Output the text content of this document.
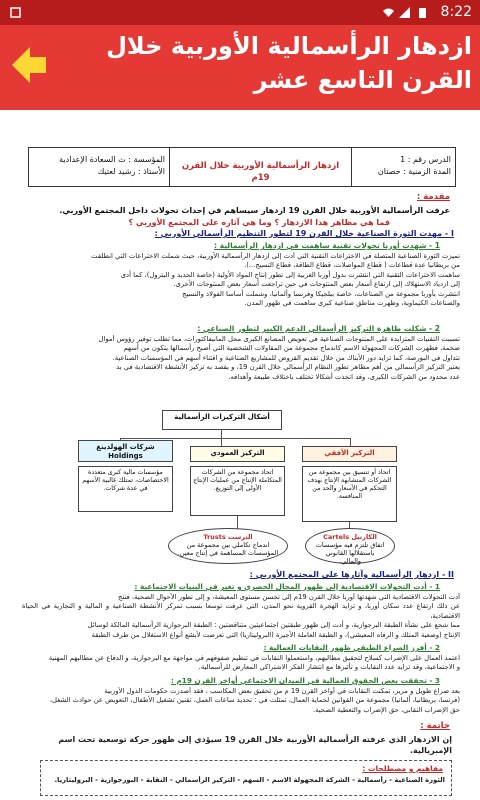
8:22
ازدهار الرأسمالية الأوربية خلال القرن التاسع عشر
الدرس رقم : 1
المدة الزمنية : حصتان
ازدهار الرأسمالية الأوربية خلال القرن 19م
المؤسسة : ث السعادة الإعدادية
الأستاذ : رشيد لعتيك
مقدمة :
عرفت الرأسمالية الأوربية خلال القرن 19 ازدهار سيساهم في إحداث تحولات داخل المجتمع الأوربي.
فما هي مظاهر هذا الازدهار ؟ وما هي آثاره على المجتمع الأوربي ؟
I - مهدت الثورة الصناعية خلال القرن 19 لتطور التنظيم الرأسمالي الأوربي :
1 - شهدت أوربا تحولات تقنية ساهمت في ازدهار الرأسمالية :
تميزت الثورة الصناعية المتصلة في الاختراعات التقنية التي أدت إلى ازدهار الرأسمالية الأوربية، حيث شملت الاختراعات التي انطلقت
من بريطانيا عدة قطاعات ( قطاع المواصلات، قطاع الطاقة، قطاع التسيج...).
ساهمت الاختراعات التقنية التي انتشرت بدول أوربا الغربية إلى تطور إنتاج المواد الأولية (خاصة الحديد و البترول)، كما أدى
إلى ازدياد الاستهلاك إلى ارتفاع أسعار بعض المنتوجات في حين تراجعت أسعار بعض المنتوجات الأخرى.
انتشرت بأوربا مجموعة من الصناعات، خاصة ببلجيكا وفرنسا وألمانيا، وشملت أساسا الفولاذ والنسيج
والصناعات الكيماوية، وظهرت مناطق صناعية كبرى ساهمت في ظهور المدن.
2 - شكلت ظاهرة التركيز الرأسمالي الدعم الكبير لتطور الصناعي :
تسببت التقنيات المتزايدة على المنتوجات الصناعية في تعويض المصانع الكبرى محل المانيفاكتورات، مما تطلب توفير رؤوس أموال
ضخمة، فظهرت الشركات المجهولة الاسم كاندماج مجموعة من المقاولات الشخصية التي أصبح رأسمالها يتكون من أسهم
تتداول في البورصة، كما تزايد دور الأبناك من خلال تقديم القروض للمشاريع الصناعية و اقتناء أسهم في المؤسسات الصناعية.
يعتبر التركيز الرأسمالي من أهم مظاهر تطور النظام الرأسمالي خلال القرن 19، و يقصد به تركيز الأنشطة الاقتصادية في يد
عدد محدود من الشركات الكبرى، وقد اتخذت أشكالا تختلف باختلاف طبيعة وأهدافه.
أشكال التركيزات الرأسمالية
التركيز الأفقي
اتحاد أو تنسيق بين مجموعة من الشركات المتشابهة الإنتاج بهدف التحكم في الأسعار والحد من المنافسة.
التركيز العمودي
اتحاد مجموعة من الشركات المتكاملة الإنتاج من عمليات الإنتاج الأولى إلى التوزيع.
شركات الهولدينغ Holdings
مؤسسات مالية كبرى متعددة الاختصاصات، تمتلك غالبية الأسهم في عدة شركات.
الكارتيل Cartels
اتفاق تلتزم فيه مؤسسات باستقلالها القانوني والمالي.
الترست Trusts
اندماج تكاملي بين مجموعة من المؤسسات المساهمة في إنتاج معين.
II - ازدهار الرأسمالية وآثارها على المجتمع الأوربي :
1 - أدت التحولات الاقتصادية إلى ظهور المجال الحضري و تغير في البنيات الاجتماعية :
أدت التحولات الاقتصادية التي شهدتها أوربا خلال القرن 19م إلى تحسن مستوى المعيشة، و إلى تطور الأحوال الصحية، فنتج
عن ذلك ارتفاع عدد سكان أوربا، و تزايد الهجرة القروية نحو المدن، التي عرفت توسعا بسبب تمركز الأنشطة الصناعية و المالية و التجارية في الحياة الاقتصادية،
مما شجع على نشأة الطبقة البرجوازية، و أدت إلى ظهور طبقتين اجتماعيتين متناقضتين : الطبقة البرجوازية الرأسمالية المالكة لوسائل
الإنتاج (وضعية المتلك و الرفاه المعيشي)، و الطبقة العاملة الأجيرة (البروليتاريا) التي تعرضت لأبشع أنواع الاستغلال من طرف الطبقة
2 - أفرز الصراع الطبقي ظهور النقابات العمالية :
اعتمد العمال على الإضراب كسلاح لتحقيق مطالبهم، واستعملوا النقابات في تنظيم صفوفهم في مواجهة مع البرجوازية، و الدفاع عن مطالبهم المهنية
و الاجتماعية، وقد تزايد عدد النقابات و تأثيرها مع انتشار الفكر الاشتراكي المعارض للرأسمالية.
3 - تحققت بعض الحقوق العمالية في الميدان الاجتماعي أواخر القرن 19م :
بعد صراع طويل و مرير، تمكنت النقابات في أواخر القرن 19 م من تحقيق بعض المكاسب ، فقد أصدرت حكومات الدول الأوربية
(فرنسا، بريطانيا، ألمانيا) مجموعة من القوانين لحماية العمال، تمثلت في : تحديد ساعات العمل، تقنين تشغيل الأطفال، التعويض عن حوادث الشغل،
حق الإضراب النقابي، حق الإضراب والتغطية الصحية.
خاتمة :
إن الازدهار الذي عرفته الرأسمالية الأوربية خلال القرن 19 سيؤدي إلى ظهور حركة توسعية تحت اسم
الإمبريالية.
مفاهيم و مصطلحات :
الثورة الصناعية - رأسمالية - الشركة المجهولة الاسم - السهم - التركيز الرأسمالي - النقابة - البورجوازية - البروليتاريا.
